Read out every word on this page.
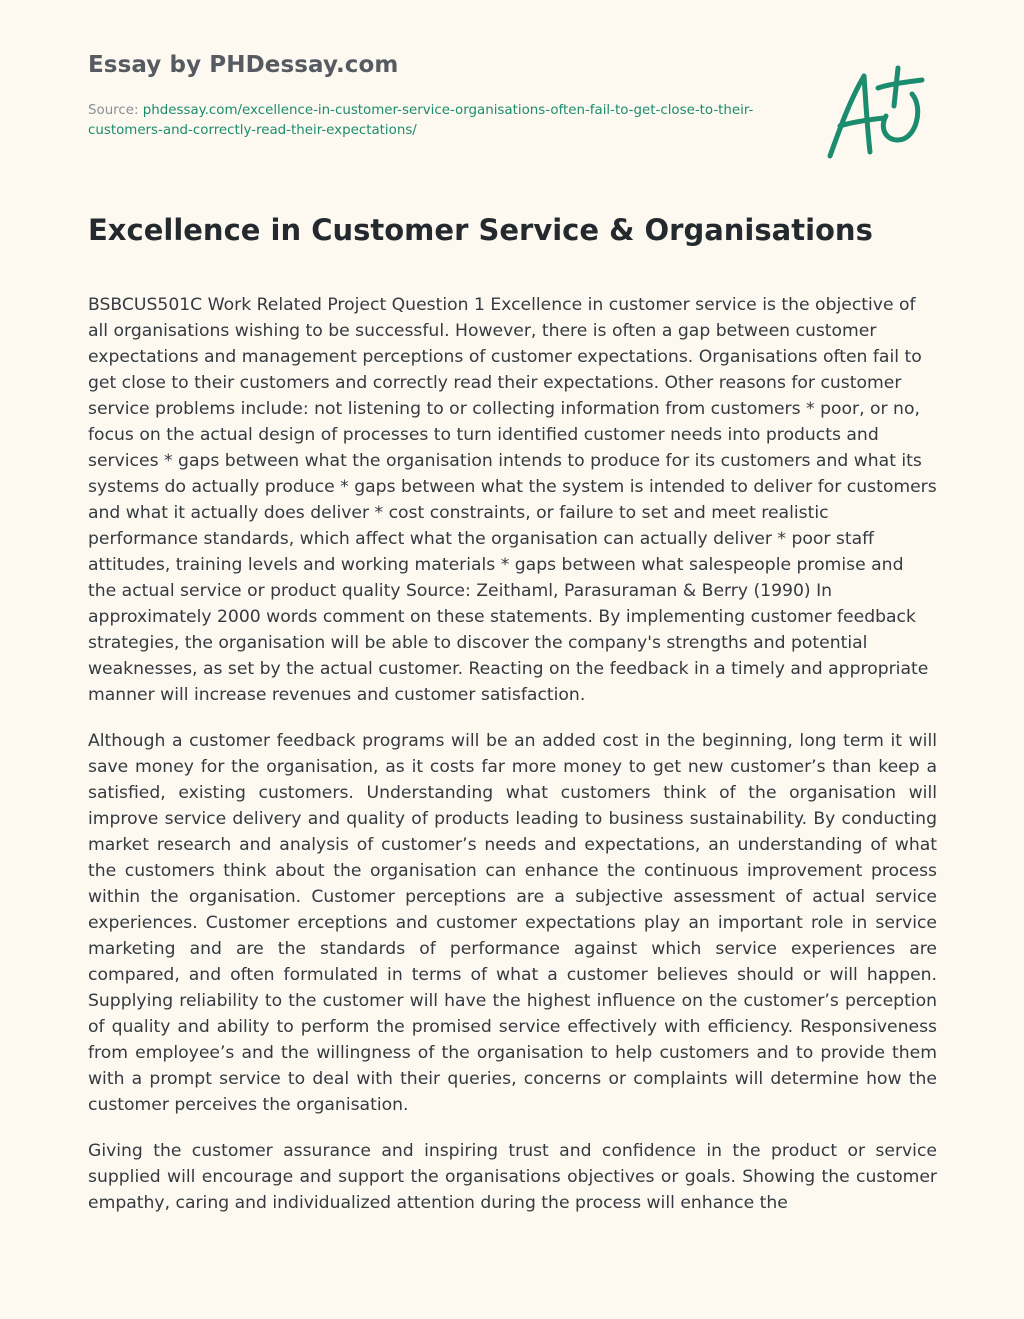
Essay by PHDessay.com

Source: phdessay.com/excellence-in-customer-service-organisations-often-fail-to-get-close-to-their-customers-and-correctly-read-their-expectations/

Excellence in Customer Service & Organisations

BSBCUS501C Work Related Project Question 1 Excellence in customer service is the objective of all organisations wishing to be successful. However, there is often a gap between customer expectations and management perceptions of customer expectations. Organisations often fail to get close to their customers and correctly read their expectations. Other reasons for customer service problems include: not listening to or collecting information from customers * poor, or no, focus on the actual design of processes to turn identified customer needs into products and services * gaps between what the organisation intends to produce for its customers and what its systems do actually produce * gaps between what the system is intended to deliver for customers and what it actually does deliver * cost constraints, or failure to set and meet realistic performance standards, which affect what the organisation can actually deliver * poor staff attitudes, training levels and working materials * gaps between what salespeople promise and the actual service or product quality Source: Zeithaml, Parasuraman & Berry (1990) In approximately 2000 words comment on these statements. By implementing customer feedback strategies, the organisation will be able to discover the company's strengths and potential weaknesses, as set by the actual customer. Reacting on the feedback in a timely and appropriate manner will increase revenues and customer satisfaction.

Although a customer feedback programs will be an added cost in the beginning, long term it will save money for the organisation, as it costs far more money to get new customer’s than keep a satisfied, existing customers. Understanding what customers think of the organisation will improve service delivery and quality of products leading to business sustainability. By conducting market research and analysis of customer’s needs and expectations, an understanding of what the customers think about the organisation can enhance the continuous improvement process within the organisation. Customer perceptions are a subjective assessment of actual service experiences. Customer erceptions and customer expectations play an important role in service marketing and are the standards of performance against which service experiences are compared, and often formulated in terms of what a customer believes should or will happen. Supplying reliability to the customer will have the highest influence on the customer’s perception of quality and ability to perform the promised service effectively with efficiency. Responsiveness from employee’s and the willingness of the organisation to help customers and to provide them with a prompt service to deal with their queries, concerns or complaints will determine how the customer perceives the organisation.

Giving the customer assurance and inspiring trust and confidence in the product or service supplied will encourage and support the organisations objectives or goals. Showing the customer empathy, caring and individualized attention during the process will enhance the
